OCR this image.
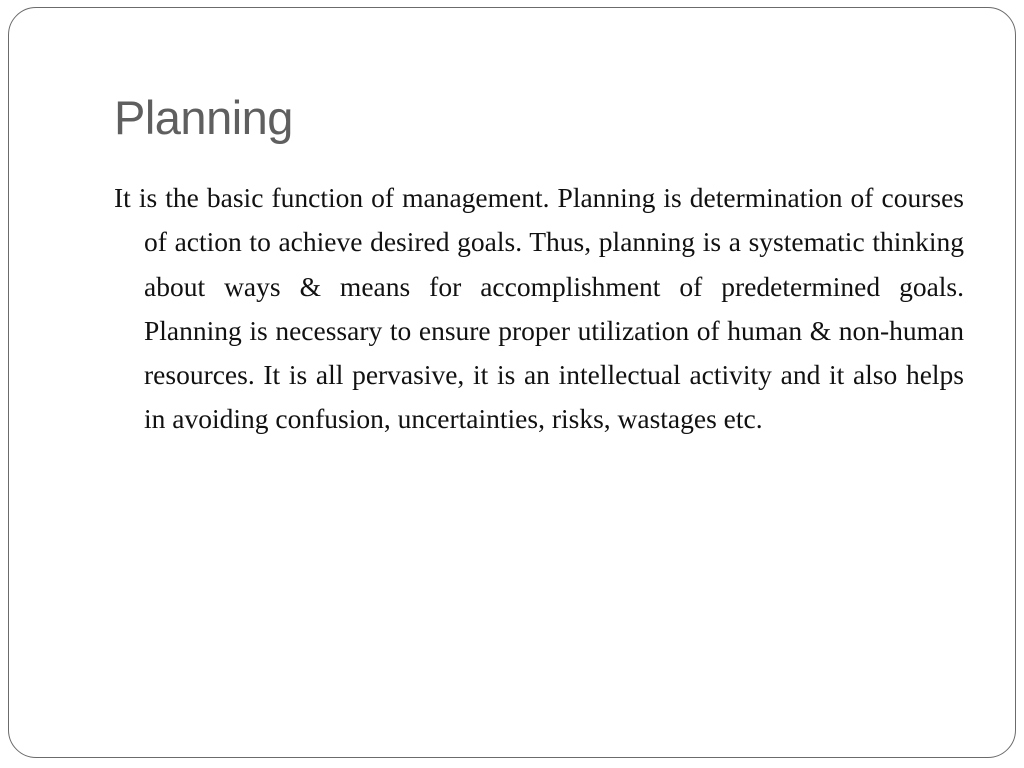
Planning

It is the basic function of management. Planning is determination of courses of action to achieve desired goals. Thus, planning is a systematic thinking about ways & means for accomplishment of predetermined goals. Planning is necessary to ensure proper utilization of human & non-human resources. It is all pervasive, it is an intellectual activity and it also helps in avoiding confusion, uncertainties, risks, wastages etc.
